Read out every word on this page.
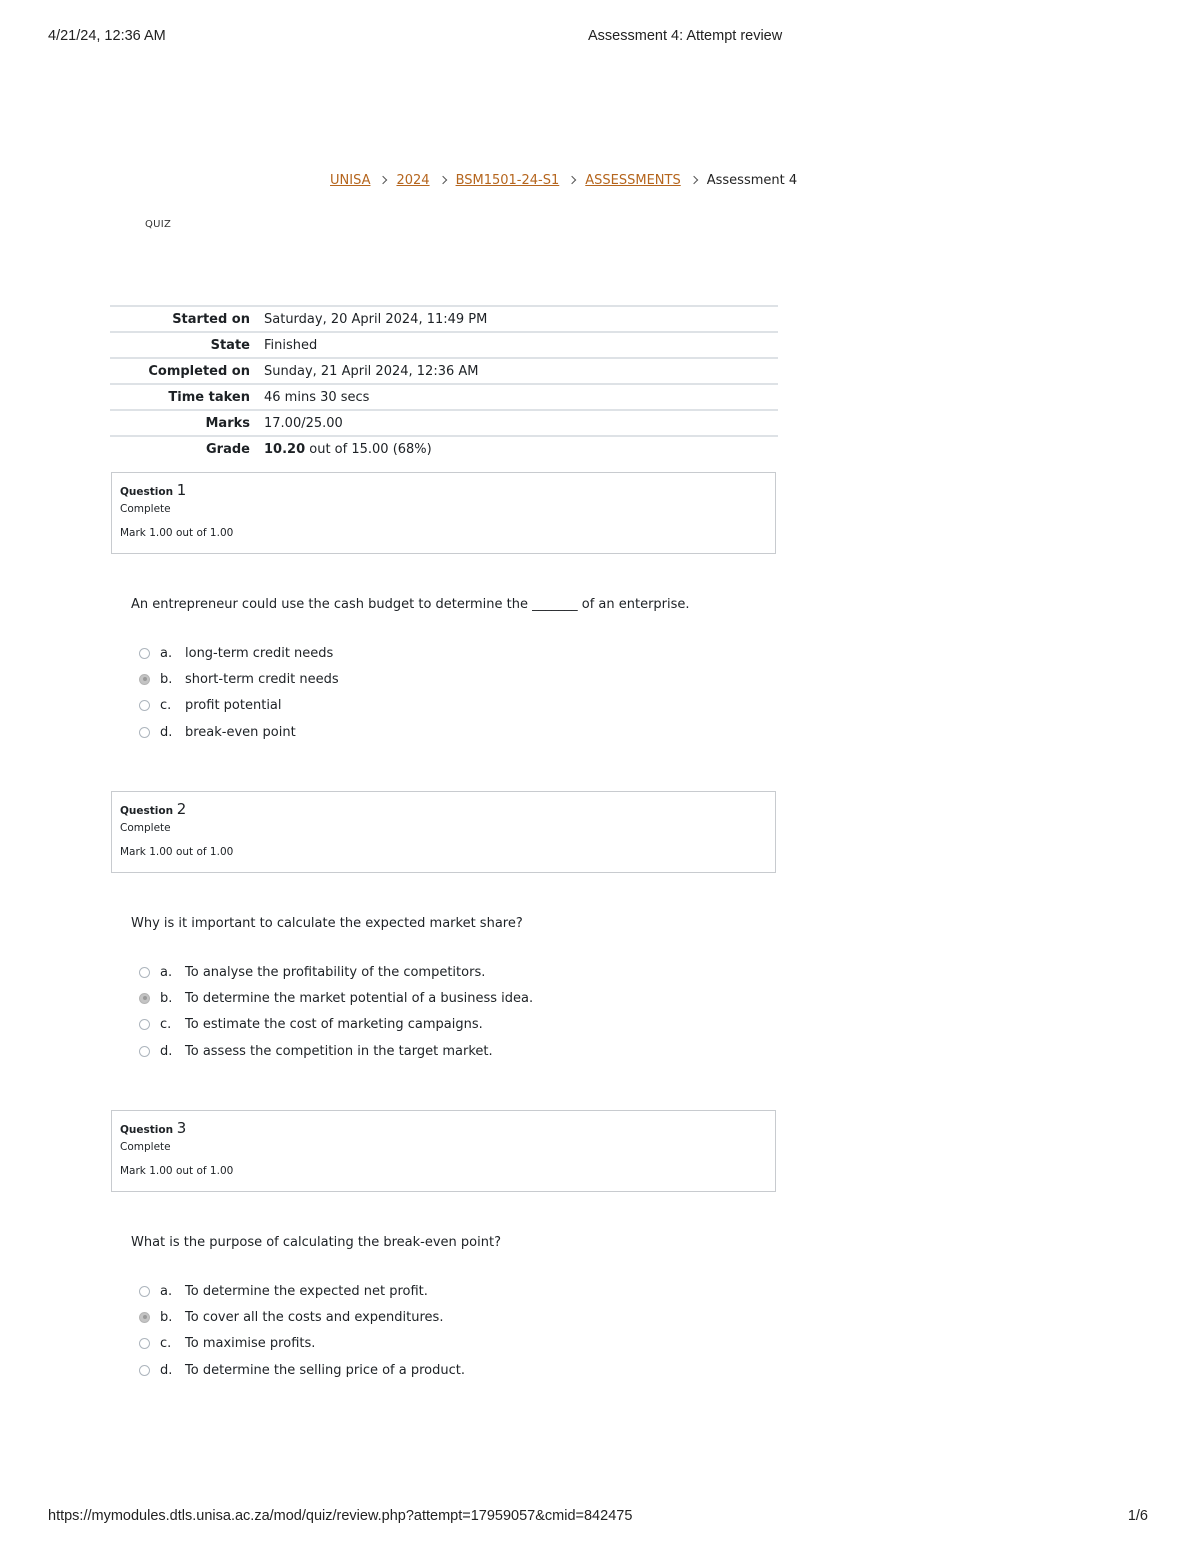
4/21/24, 12:36 AM	Assessment 4: Attempt review
UNISA 2024 BSM1501-24-S1 ASSESSMENTS Assessment 4
QUIZ
Started on	Saturday, 20 April 2024, 11:49 PM
State	Finished
Completed on	Sunday, 21 April 2024, 12:36 AM
Time taken	46 mins 30 secs
Marks	17.00/25.00
Grade	10.20 out of 15.00 (68%)
Question 1
Complete
Mark 1.00 out of 1.00
An entrepreneur could use the cash budget to determine the _______ of an enterprise.
a. long-term credit needs
b. short-term credit needs
c.	profit potential
d. break-even point
Question 2
Complete
Mark 1.00 out of 1.00
Why is it important to calculate the expected market share?
a. To analyse the profitability of the competitors.
b. To determine the market potential of a business idea.
c.	To estimate the cost of marketing campaigns.
d. To assess the competition in the target market.
Question 3
Complete
Mark 1.00 out of 1.00
What is the purpose of calculating the break-even point?
a. To determine the expected net profit.
b. To cover all the costs and expenditures.
c.	To maximise profits.
d. To determine the selling price of a product.
https://mymodules.dtls.unisa.ac.za/mod/quiz/review.php?attempt=17959057&cmid=842475	1/6
